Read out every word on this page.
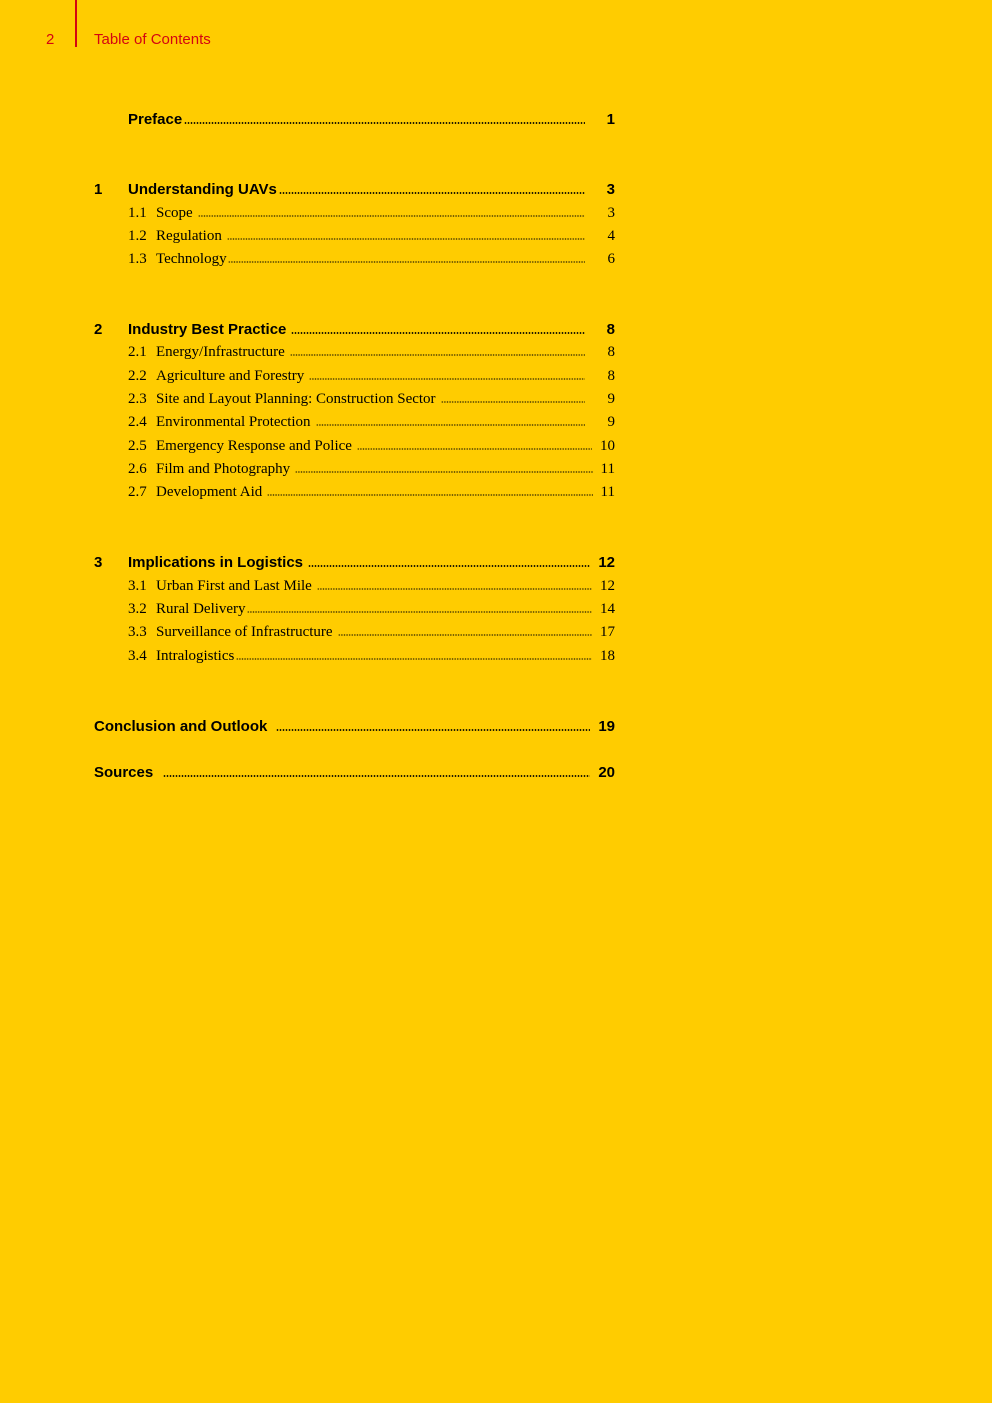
2	Table of Contents
Preface	1
1	Understanding UAVs	3
1.1 Scope	3
1.2 Regulation	4
1.3 Technology	6
2	Industry Best Practice	8
2.1 Energy/Infrastructure	8
2.2 Agriculture and Forestry	8
2.3 Site and Layout Planning: Construction Sector	9
2.4 Environmental Protection	9
2.5 Emergency Response and Police	10
2.6 Film and Photography	11
2.7 Development Aid	11
3	Implications in Logistics	12
3.1 Urban First and Last Mile	12
3.2 Rural Delivery	14
3.3 Surveillance of Infrastructure	17
3.4 Intralogistics	18
Conclusion and Outlook	19
Sources	20
